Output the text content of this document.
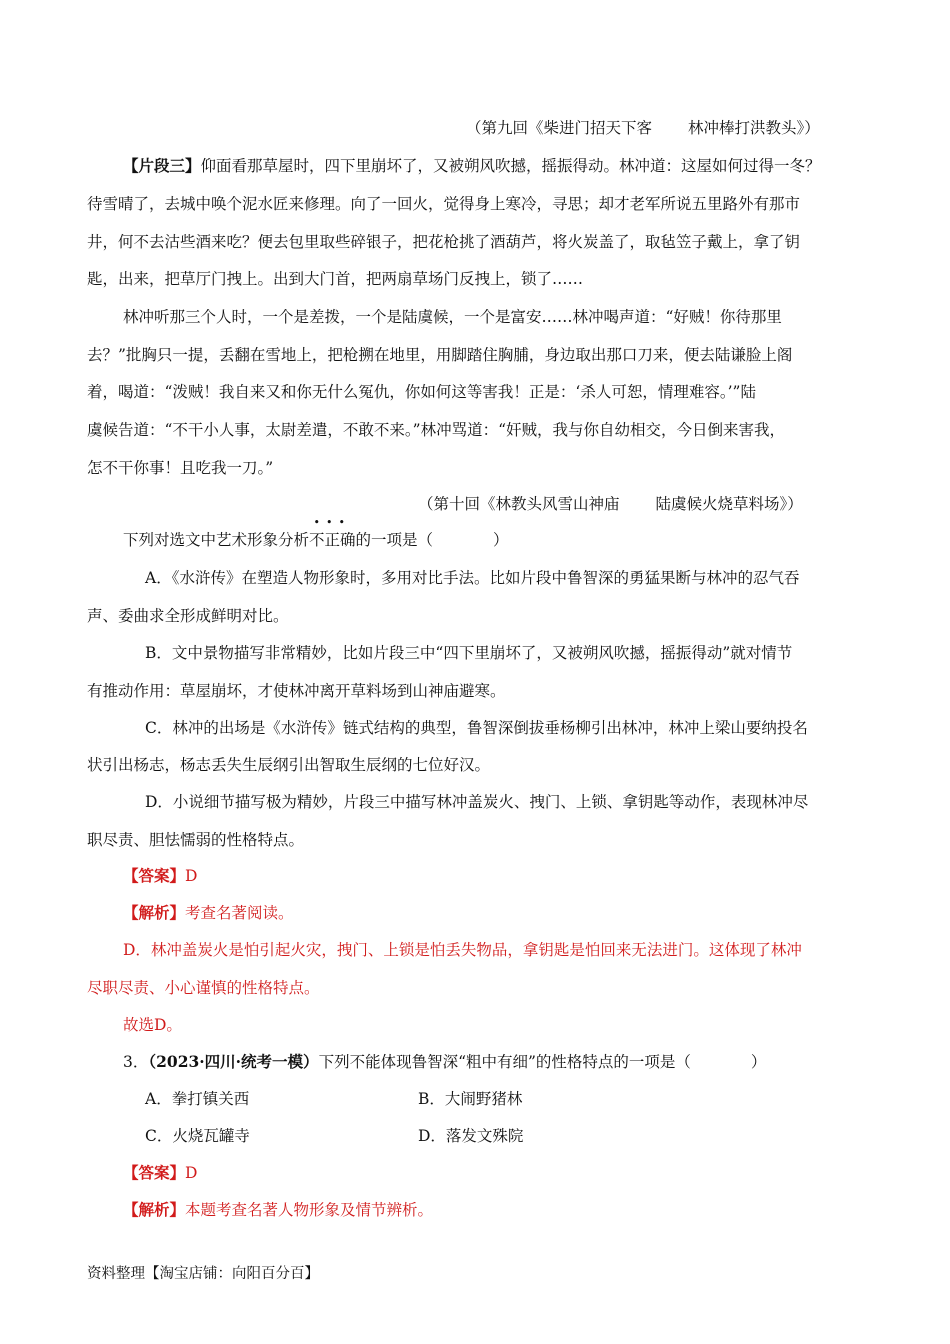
（第九回《柴进门招天下客 林冲棒打洪教头》）
【片段三】仰面看那草屋时，四下里崩坏了，又被朔风吹撼，摇振得动。林冲道：这屋如何过得一冬？
待雪晴了，去城中唤个泥水匠来修理。向了一回火，觉得身上寒冷，寻思；却才老军所说五里路外有那市
井，何不去沽些酒来吃？便去包里取些碎银子，把花枪挑了酒葫芦，将火炭盖了，取毡笠子戴上，拿了钥
匙，出来，把草厅门拽上。出到大门首，把两扇草场门反拽上，锁了……
林冲听那三个人时，一个是差拨，一个是陆虞候，一个是富安……林冲喝声道：“好贼！你待那里
去？”批胸只一提，丢翻在雪地上，把枪搠在地里，用脚踏住胸脯，身边取出那口刀来，便去陆谦脸上阁
着，喝道：“泼贼！我自来又和你无什么冤仇，你如何这等害我！正是：‘杀人可恕，情理难容。’”陆
虞候告道：“不干小人事，太尉差遣，不敢不来。”林冲骂道：“奸贼，我与你自幼相交，今日倒来害我，
怎不干你事！且吃我一刀。”
（第十回《林教头风雪山神庙 陆虞候火烧草料场》）
下列对选文中艺术形象分析
•••
不正确的一项是（	）
A．《水浒传》在塑造人物形象时，多用对比手法。比如片段中鲁智深的勇猛果断与林冲的忍气吞
声、委曲求全形成鲜明对比。
B．文中景物描写非常精妙，比如片段三中“四下里崩坏了，又被朔风吹撼，摇振得动”就对情节
有推动作用：草屋崩坏，才使林冲离开草料场到山神庙避寒。
C．林冲的出场是《水浒传》链式结构的典型，鲁智深倒拔垂杨柳引出林冲，林冲上梁山要纳投名
状引出杨志，杨志丢失生辰纲引出智取生辰纲的七位好汉。
D．小说细节描写极为精妙，片段三中描写林冲盖炭火、拽门、上锁、拿钥匙等动作，表现林冲尽
职尽责、胆怯懦弱的性格特点。
【答案】D
【解析】考查名著阅读。
D．林冲盖炭火是怕引起火灾，拽门、上锁是怕丢失物品，拿钥匙是怕回来无法进门。这体现了林冲
尽职尽责、小心谨慎的性格特点。
故选D。
3．（2023·四川·统考一模）下列不能体现鲁智深“粗中有细”的性格特点的一项是（	）
A．拳打镇关西	B．大闹野猪林
C．火烧瓦罐寺	D．落发文殊院
【答案】D
【解析】本题考查名著人物形象及情节辨析。
资料整理【淘宝店铺：向阳百分百】
